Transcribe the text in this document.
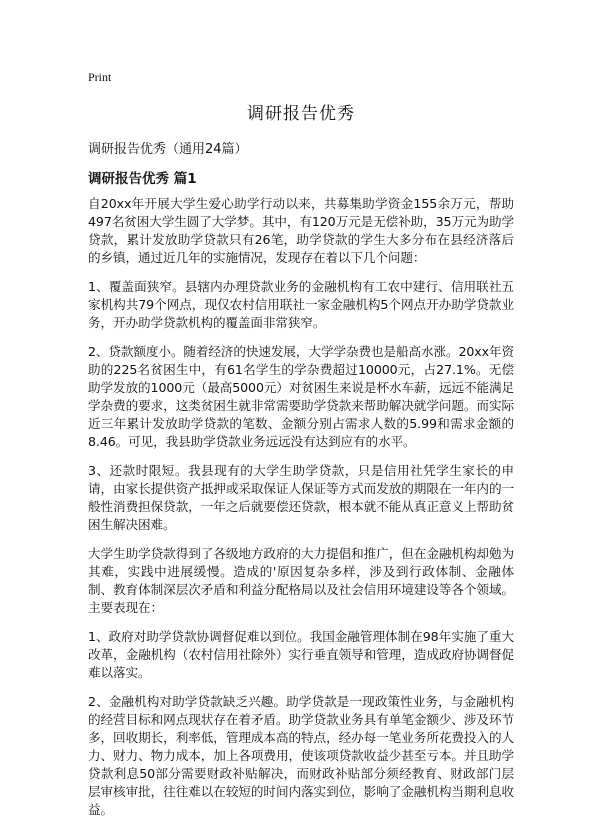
Print
调研报告优秀
调研报告优秀（通用24篇）
调研报告优秀 篇1

自20xx年开展大学生爱心助学行动以来，共募集助学资金155余万元，帮助497名贫困大学生圆了大学梦。其中，有120万元是无偿补助，35万元为助学贷款，累计发放助学贷款只有26笔，助学贷款的学生大多分布在县经济落后的乡镇，通过近几年的实施情况，发现存在着以下几个问题：

1、覆盖面狭窄。县辖内办理贷款业务的金融机构有工农中建行、信用联社五家机构共79个网点，现仅农村信用联社一家金融机构5个网点开办助学贷款业务，开办助学贷款机构的覆盖面非常狭窄。

2、贷款额度小。随着经济的快速发展，大学学杂费也是船高水涨。20xx年资助的225名贫困生中，有61名学生的学杂费超过10000元，占27.1%。无偿助学发放的1000元（最高5000元）对贫困生来说是杯水车薪，远远不能满足学杂费的要求，这类贫困生就非常需要助学贷款来帮助解决就学问题。而实际近三年累计发放助学贷款的笔数、金额分别占需求人数的5.99和需求金额的8.46。可见，我县助学贷款业务远远没有达到应有的水平。

3、还款时限短。我县现有的大学生助学贷款，只是信用社凭学生家长的申请，由家长提供资产抵押或采取保证人保证等方式而发放的期限在一年内的一般性消费担保贷款，一年之后就要偿还贷款，根本就不能从真正意义上帮助贫困生解决困难。

大学生助学贷款得到了各级地方政府的大力提倡和推广，但在金融机构却勉为其难，实践中进展缓慢。造成的'原因复杂多样，涉及到行政体制、金融体制、教育体制深层次矛盾和利益分配格局以及社会信用环境建设等各个领域。主要表现在：

1、政府对助学贷款协调督促难以到位。我国金融管理体制在98年实施了重大改革，金融机构（农村信用社除外）实行垂直领导和管理，造成政府协调督促难以落实。

2、金融机构对助学贷款缺乏兴趣。助学贷款是一现政策性业务，与金融机构的经营目标和网点现状存在着矛盾。助学贷款业务具有单笔金额少、涉及环节多，回收期长，利率低，管理成本高的特点，经办每一笔业务所花费投入的人力、财力、物力成本，加上各项费用，使该项贷款收益少甚至亏本。并且助学贷款利息50部分需要财政补贴解决，而财政补贴部分须经教育、财政部门层层审核审批，往往难以在较短的时间内落实到位，影响了金融机构当期利息收益。
